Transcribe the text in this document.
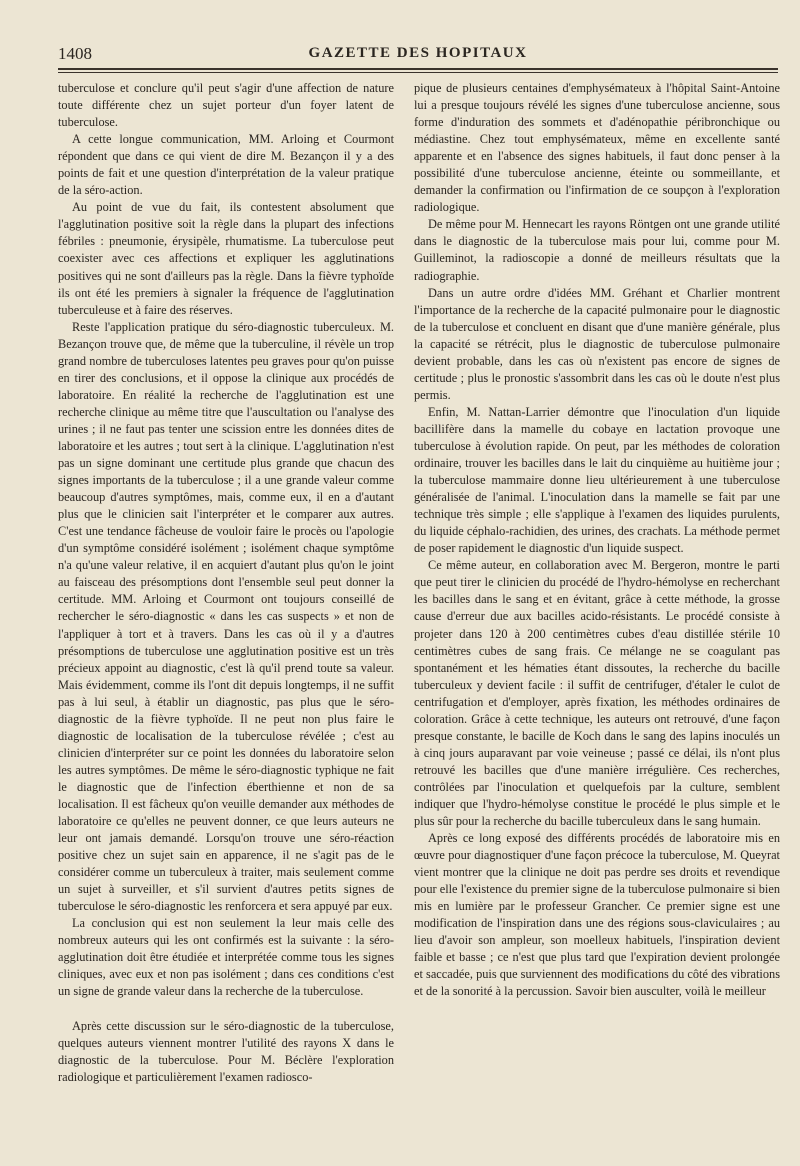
1408	GAZETTE DES HOPITAUX

tuberculose et conclure qu'il peut s'agir d'une affection de nature toute différente chez un sujet porteur d'un foyer latent de tuberculose.

A cette longue communication, MM. Arloing et Courmont répondent que dans ce qui vient de dire M. Bezançon il y a des points de fait et une question d'interprétation de la valeur pratique de la séro-action.

Au point de vue du fait, ils contestent absolument que l'agglutination positive soit la règle dans la plupart des infections fébriles : pneumonie, érysipèle, rhumatisme. La tuberculose peut coexister avec ces affections et expliquer les agglutinations positives qui ne sont d'ailleurs pas la règle. Dans la fièvre typhoïde ils ont été les premiers à signaler la fréquence de l'agglutination tuberculeuse et à faire des réserves.

Reste l'application pratique du séro-diagnostic tuberculeux. M. Bezançon trouve que, de même que la tuberculine, il révèle un trop grand nombre de tuberculoses latentes peu graves pour qu'on puisse en tirer des conclusions, et il oppose la clinique aux procédés de laboratoire. En réalité la recherche de l'agglutination est une recherche clinique au même titre que l'auscultation ou l'analyse des urines ; il ne faut pas tenter une scission entre les données dites de laboratoire et les autres ; tout sert à la clinique. L'agglutination n'est pas un signe dominant une certitude plus grande que chacun des signes importants de la tuberculose ; il a une grande valeur comme beaucoup d'autres symptômes, mais, comme eux, il en a d'autant plus que le clinicien sait l'interpréter et le comparer aux autres. C'est une tendance fâcheuse de vouloir faire le procès ou l'apologie d'un symptôme considéré isolément ; isolément chaque symptôme n'a qu'une valeur relative, il en acquiert d'autant plus qu'on le joint au faisceau des présomptions dont l'ensemble seul peut donner la certitude. MM. Arloing et Courmont ont toujours conseillé de rechercher le séro-diagnostic « dans les cas suspects » et non de l'appliquer à tort et à travers. Dans les cas où il y a d'autres présomptions de tuberculose une agglutination positive est un très précieux appoint au diagnostic, c'est là qu'il prend toute sa valeur. Mais évidemment, comme ils l'ont dit depuis longtemps, il ne suffit pas à lui seul, à établir un diagnostic, pas plus que le séro-diagnostic de la fièvre typhoïde. Il ne peut non plus faire le diagnostic de localisation de la tuberculose révélée ; c'est au clinicien d'interpréter sur ce point les données du laboratoire selon les autres symptômes. De même le séro-diagnostic typhique ne fait le diagnostic que de l'infection éberthienne et non de sa localisation. Il est fâcheux qu'on veuille demander aux méthodes de laboratoire ce qu'elles ne peuvent donner, ce que leurs auteurs ne leur ont jamais demandé. Lorsqu'on trouve une séro-réaction positive chez un sujet sain en apparence, il ne s'agit pas de le considérer comme un tuberculeux à traiter, mais seulement comme un sujet à surveiller, et s'il survient d'autres petits signes de tuberculose le séro-diagnostic les renforcera et sera appuyé par eux.

La conclusion qui est non seulement la leur mais celle des nombreux auteurs qui les ont confirmés est la suivante : la séro-agglutination doit être étudiée et interprétée comme tous les signes cliniques, avec eux et non pas isolément ; dans ces conditions c'est un signe de grande valeur dans la recherche de la tuberculose.

Après cette discussion sur le séro-diagnostic de la tuberculose, quelques auteurs viennent montrer l'utilité des rayons X dans le diagnostic de la tuberculose. Pour M. Béclère l'exploration radiologique et particulièrement l'examen radiosco-

pique de plusieurs centaines d'emphysémateux à l'hôpital Saint-Antoine lui a presque toujours révélé les signes d'une tuberculose ancienne, sous forme d'induration des sommets et d'adénopathie péribronchique ou médiastine. Chez tout emphysémateux, même en excellente santé apparente et en l'absence des signes habituels, il faut donc penser à la possibilité d'une tuberculose ancienne, éteinte ou sommeillante, et demander la confirmation ou l'infirmation de ce soupçon à l'exploration radiologique.

De même pour M. Hennecart les rayons Röntgen ont une grande utilité dans le diagnostic de la tuberculose mais pour lui, comme pour M. Guilleminot, la radioscopie a donné de meilleurs résultats que la radiographie.

Dans un autre ordre d'idées MM. Gréhant et Charlier montrent l'importance de la recherche de la capacité pulmonaire pour le diagnostic de la tuberculose et concluent en disant que d'une manière générale, plus la capacité se rétrécit, plus le diagnostic de tuberculose pulmonaire devient probable, dans les cas où n'existent pas encore de signes de certitude ; plus le pronostic s'assombrit dans les cas où le doute n'est plus permis.

Enfin, M. Nattan-Larrier démontre que l'inoculation d'un liquide bacillifère dans la mamelle du cobaye en lactation provoque une tuberculose à évolution rapide. On peut, par les méthodes de coloration ordinaire, trouver les bacilles dans le lait du cinquième au huitième jour ; la tuberculose mammaire donne lieu ultérieurement à une tuberculose généralisée de l'animal. L'inoculation dans la mamelle se fait par une technique très simple ; elle s'applique à l'examen des liquides purulents, du liquide céphalo-rachidien, des urines, des crachats. La méthode permet de poser rapidement le diagnostic d'un liquide suspect.

Ce même auteur, en collaboration avec M. Bergeron, montre le parti que peut tirer le clinicien du procédé de l'hydro-hémolyse en recherchant les bacilles dans le sang et en évitant, grâce à cette méthode, la grosse cause d'erreur due aux bacilles acido-résistants. Le procédé consiste à projeter dans 120 à 200 centimètres cubes d'eau distillée stérile 10 centimètres cubes de sang frais. Ce mélange ne se coagulant pas spontanément et les hématies étant dissoutes, la recherche du bacille tuberculeux y devient facile : il suffit de centrifuger, d'étaler le culot de centrifugation et d'employer, après fixation, les méthodes ordinaires de coloration. Grâce à cette technique, les auteurs ont retrouvé, d'une façon presque constante, le bacille de Koch dans le sang des lapins inoculés un à cinq jours auparavant par voie veineuse ; passé ce délai, ils n'ont plus retrouvé les bacilles que d'une manière irrégulière. Ces recherches, contrôlées par l'inoculation et quelquefois par la culture, semblent indiquer que l'hydro-hémolyse constitue le procédé le plus simple et le plus sûr pour la recherche du bacille tuberculeux dans le sang humain.

Après ce long exposé des différents procédés de laboratoire mis en œuvre pour diagnostiquer d'une façon précoce la tuberculose, M. Queyrat vient montrer que la clinique ne doit pas perdre ses droits et revendique pour elle l'existence du premier signe de la tuberculose pulmonaire si bien mis en lumière par le professeur Grancher. Ce premier signe est une modification de l'inspiration dans une des régions sous-claviculaires ; au lieu d'avoir son ampleur, son moelleux habituels, l'inspiration devient faible et basse ; ce n'est que plus tard que l'expiration devient prolongée et saccadée, puis que surviennent des modifications du côté des vibrations et de la sonorité à la percussion. Savoir bien ausculter, voilà le meilleur
